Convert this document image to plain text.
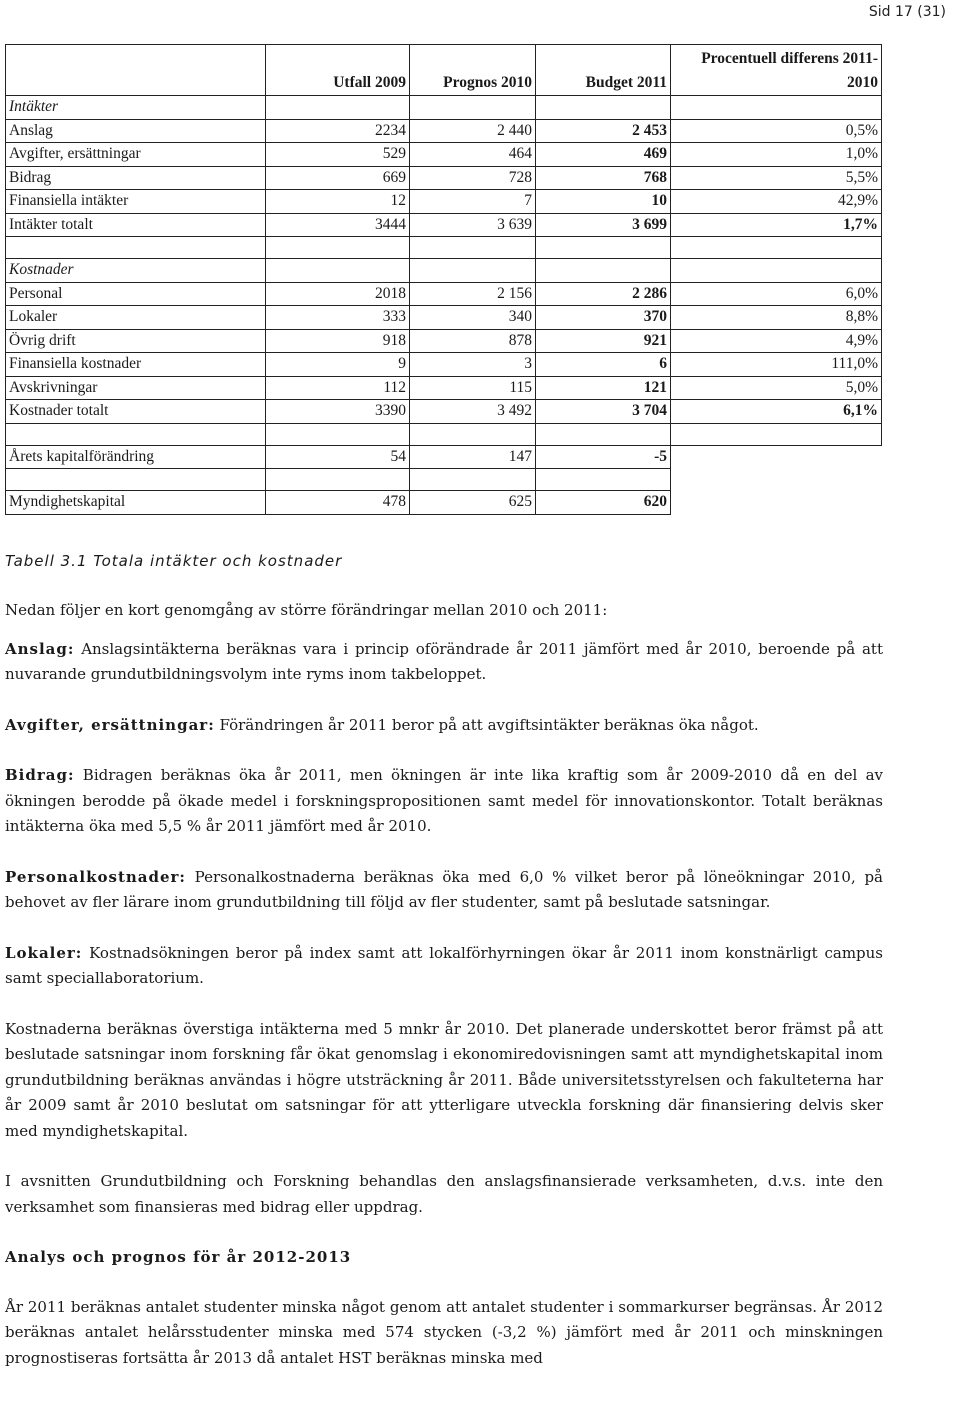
Sid 17 (31)
	Utfall 2009	Prognos 2010	Budget 2011	Procentuell differens 2011-2010
Intäkter				
Anslag	2234	2 440	2 453	0,5%
Avgifter, ersättningar	529	464	469	1,0%
Bidrag	669	728	768	5,5%
Finansiella intäkter	12	7	10	42,9%
Intäkter totalt	3444	3 639	3 699	1,7%

Kostnader				
Personal	2018	2 156	2 286	6,0%
Lokaler	333	340	370	8,8%
Övrig drift	918	878	921	4,9%
Finansiella kostnader	9	3	6	111,0%
Avskrivningar	112	115	121	5,0%
Kostnader totalt	3390	3 492	3 704	6,1%

Årets kapitalförändring	54	147	-5	

Myndighetskapital	478	625	620	
Tabell 3.1 Totala intäkter och kostnader

Nedan följer en kort genomgång av större förändringar mellan 2010 och 2011:

Anslag: Anslagsintäkterna beräknas vara i princip oförändrade år 2011 jämfört med år 2010, beroende på att nuvarande grundutbildningsvolym inte ryms inom takbeloppet.

Avgifter, ersättningar: Förändringen år 2011 beror på att avgiftsintäkter beräknas öka något.

Bidrag: Bidragen beräknas öka år 2011, men ökningen är inte lika kraftig som år 2009-2010 då en del av ökningen berodde på ökade medel i forskningspropositionen samt medel för innovationskontor. Totalt beräknas intäkterna öka med 5,5 % år 2011 jämfört med år 2010.

Personalkostnader: Personalkostnaderna beräknas öka med 6,0 % vilket beror på löneökningar 2010, på behovet av fler lärare inom grundutbildning till följd av fler studenter, samt på beslutade satsningar.

Lokaler: Kostnadsökningen beror på index samt att lokalförhyrningen ökar år 2011 inom konstnärligt campus samt speciallaboratorium.

Kostnaderna beräknas överstiga intäkterna med 5 mnkr år 2010. Det planerade underskottet beror främst på att beslutade satsningar inom forskning får ökat genomslag i ekonomiredovisningen samt att myndighetskapital inom grundutbildning beräknas användas i högre utsträckning år 2011. Både universitetsstyrelsen och fakulteterna har år 2009 samt år 2010 beslutat om satsningar för att ytterligare utveckla forskning där finansiering delvis sker med myndighetskapital.

I avsnitten Grundutbildning och Forskning behandlas den anslagsfinansierade verksamheten, d.v.s. inte den verksamhet som finansieras med bidrag eller uppdrag.

Analys och prognos för år 2012-2013

År 2011 beräknas antalet studenter minska något genom att antalet studenter i sommarkurser begränsas. År 2012 beräknas antalet helårsstudenter minska med 574 stycken (-3,2 %) jämfört med år 2011 och minskningen prognostiseras fortsätta år 2013 då antalet HST beräknas minska med
